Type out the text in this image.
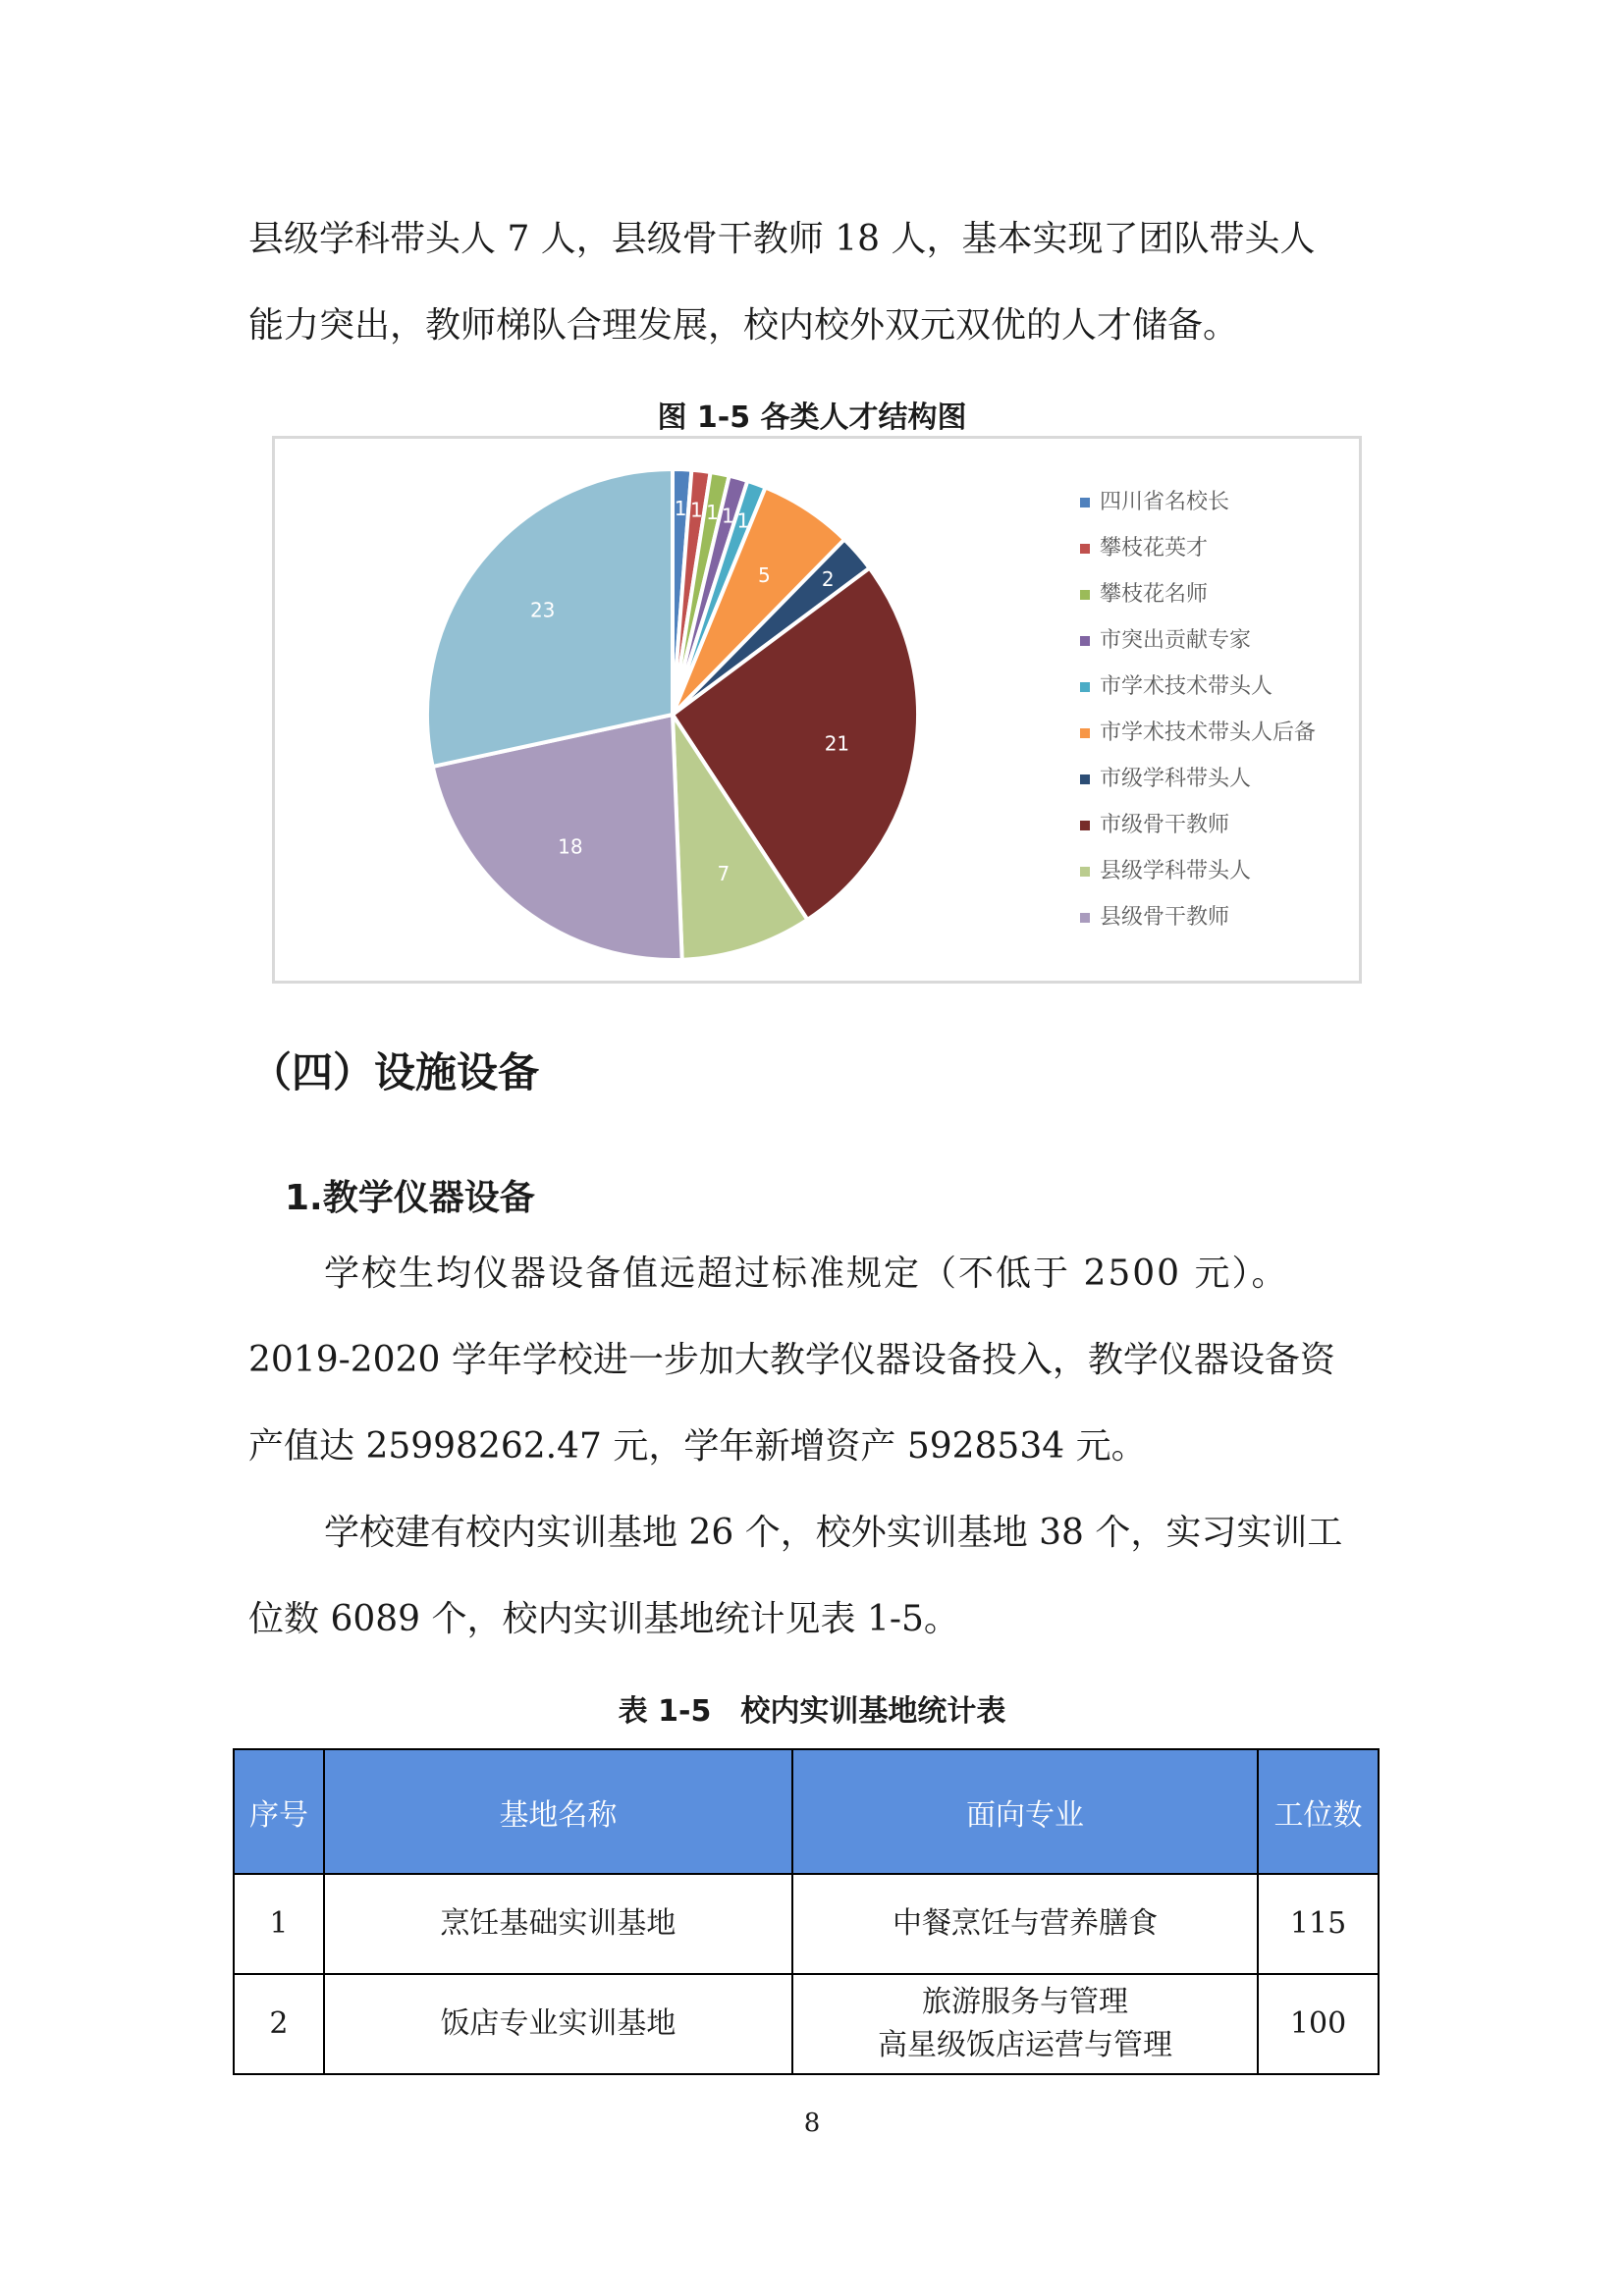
县级学科带头人 7 人，县级骨干教师 18 人，基本实现了团队带头人

能力突出，教师梯队合理发展，校内校外双元双优的人才储备。

图 1-5 各类人才结构图
1 1 1 1 1
5	2
21
7
18
23
四川省名校长
攀枝花英才
攀枝花名师
市突出贡献专家
市学术技术带头人
市学术技术带头人后备
市级学科带头人
市级骨干教师
县级学科带头人
县级骨干教师
（四）设施设备
1.教学仪器设备

学校生均仪器设备值远超过标准规定（不低于 2500 元）。

2019-2020 学年学校进一步加大教学仪器设备投入，教学仪器设备资

产值达 25998262.47 元，学年新增资产 5928534 元。

学校建有校内实训基地 26 个，校外实训基地 38 个，实习实训工

位数 6089 个，校内实训基地统计见表 1-5。

表 1-5　校内实训基地统计表
序号	基地名称	面向专业	工位数
1	烹饪基础实训基地	中餐烹饪与营养膳食	115
2	饭店专业实训基地	旅游服务与管理
高星级饭店运营与管理	100
8
